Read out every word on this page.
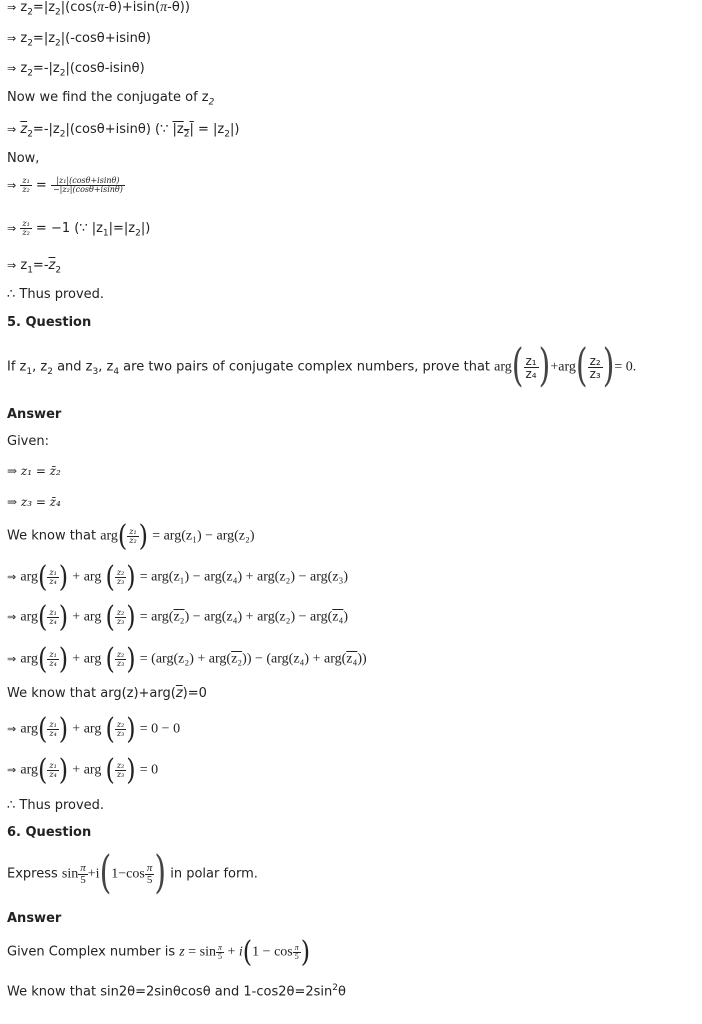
⇒ $z_2=|z_2|(\cos(\pi-\theta)+isin(\pi-\theta))$
⇒ $z_2=|z_2|(-\cos\theta+isin\theta)$
⇒ $z_2=-|z_2|(\cos\theta-isin\theta)$
Now we find the conjugate of $z_2$
⇒ $\overline{z}_2=-|z_2|(\cos\theta+isin\theta)$ (∵ $|z_2| = |z_2|$)
Now,
⇒ $\frac{\text{z₁}}{\text{z̄₂}} = \frac{\text{|z₁|(cosθ+isinθ)}}{\text{−|z₂|(cosθ+isinθ)}}$
⇒ $\frac{\text{z₁}}{\text{z̄₂}} = -1$ (∵ $|z_1|=|z_2|$)
⇒ $z_1=-\overline{z}_2$
∴ Thus proved.
5. Question
If $z_1$, $z_2$ and $z_3$, $z_4$ are two pairs of conjugate complex numbers, prove that $arg( \frac{\text{z₁}}{\text{z₄}} )+arg( \frac{\text{z₂}}{\text{z₃}}$ )= 0.
Answer
Given:
⇒ z₁ = z̄₂
⇒ z₃ = z̄₄
We know that $arg( \frac{\text{z₁}}{\text{z₂}}$ ) = arg(z₁) − arg(z₂)
⇒ $arg( \frac{\text{z₁}}{\text{z₄}}$ ) + arg ( $\frac{\text{z₂}}{\text{z₃}}$ ) = arg(z₁) − arg(z₄) + arg(z₂) − arg(z₃)
⇒ $arg( \frac{\text{z₁}}{\text{z₄}}$ ) + arg ( $\frac{\text{z₂}}{\text{z₃}}$ ) = arg(z₂) − arg(z₄) + arg(z₂) − arg(z₄)
⇒ $arg( \frac{\text{z₁}}{\text{z₄}}$ ) + arg ( $\frac{\text{z₂}}{\text{z₃}}$ ) = (arg(z₂) + arg(z₂)) − (arg(z₄) + arg(z₄))
We know that $arg(z)+arg(\overline{z})=0$
⇒ $arg( \frac{\text{z₁}}{\text{z₄}}$ ) + arg ( $\frac{\text{z₂}}{\text{z₃}}$ ) = 0 − 0
⇒ $arg( \frac{\text{z₁}}{\text{z₄}}$ ) + arg ( $\frac{\text{z₂}}{\text{z₃}}$ ) = 0
∴ Thus proved.
6. Question
Express $\sin \frac{\pi}{5} +i(1-\cos \frac{\pi}{5}$ ) in polar form.
Answer
Given Complex number is $z = \sin \frac{\pi}{5} + i(1 - \cos \frac{\pi}{5}$ )
We know that sin2θ=2sinθcosθ and $1-\cos 2\theta=2\sin^2\theta$
